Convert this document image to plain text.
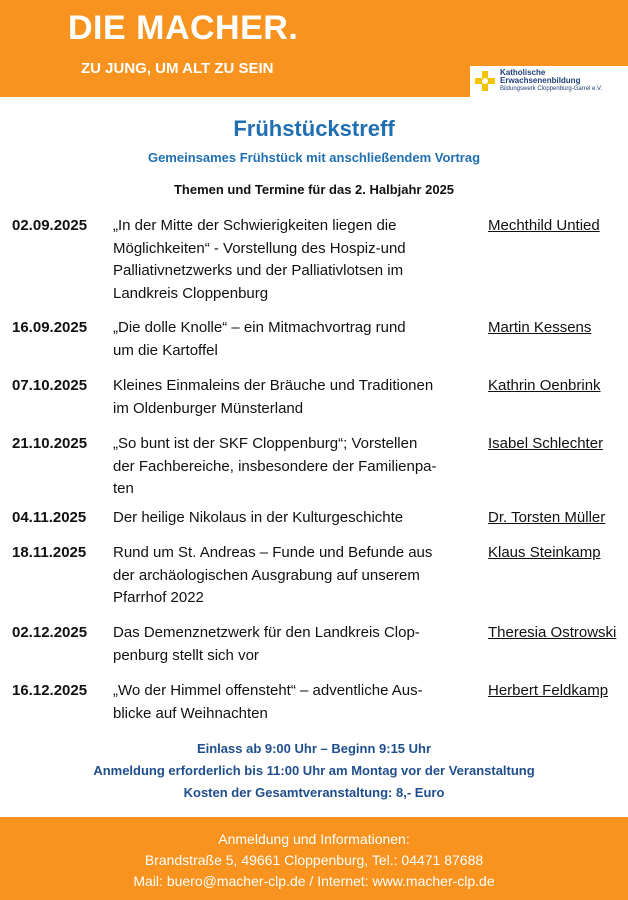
DIE MACHER.
ZU JUNG, UM ALT ZU SEIN	Katholische
Erwachsenenbildung
Bildungswerk Cloppenburg-Garrel e.V.
Frühstückstreff
Gemeinsames Frühstück mit anschließendem Vortrag
Themen und Termine für das 2. Halbjahr 2025
02.09.2025 „In der Mitte der Schwierigkeiten liegen die
Möglichkeiten“ - Vorstellung des Hospiz-und
Palliativnetzwerks und der Palliativlotsen im
Landkreis Cloppenburg
Mechthild Untied
16.09.2025 „Die dolle Knolle“ – ein Mitmachvortrag rund
um die Kartoffel
Martin Kessens
07.10.2025 Kleines Einmaleins der Bräuche und Traditionen
im Oldenburger Münsterland
Kathrin Oenbrink
21.10.2025 „So bunt ist der SKF Cloppenburg“; Vorstellen
der Fachbereiche, insbesondere der Familienpa-
ten
Isabel Schlechter
04.11.2025 Der heilige Nikolaus in der Kulturgeschichte	Dr. Torsten Müller
18.11.2025 Rund um St. Andreas – Funde und Befunde aus
der archäologischen Ausgrabung auf unserem
Pfarrhof 2022
Klaus Steinkamp
02.12.2025 Das Demenznetzwerk für den Landkreis Clop-
penburg stellt sich vor
Theresia Ostrowski
16.12.2025 „Wo der Himmel offensteht“ – adventliche Aus-
blicke auf Weihnachten
Herbert Feldkamp
Einlass ab 9:00 Uhr – Beginn 9:15 Uhr
Anmeldung erforderlich bis 11:00 Uhr am Montag vor der Veranstaltung
Kosten der Gesamtveranstaltung: 8,- Euro
Anmeldung und Informationen:
Brandstraße 5, 49661 Cloppenburg, Tel.: 04471 87688
Mail: buero@macher-clp.de / Internet: www.macher-clp.de
